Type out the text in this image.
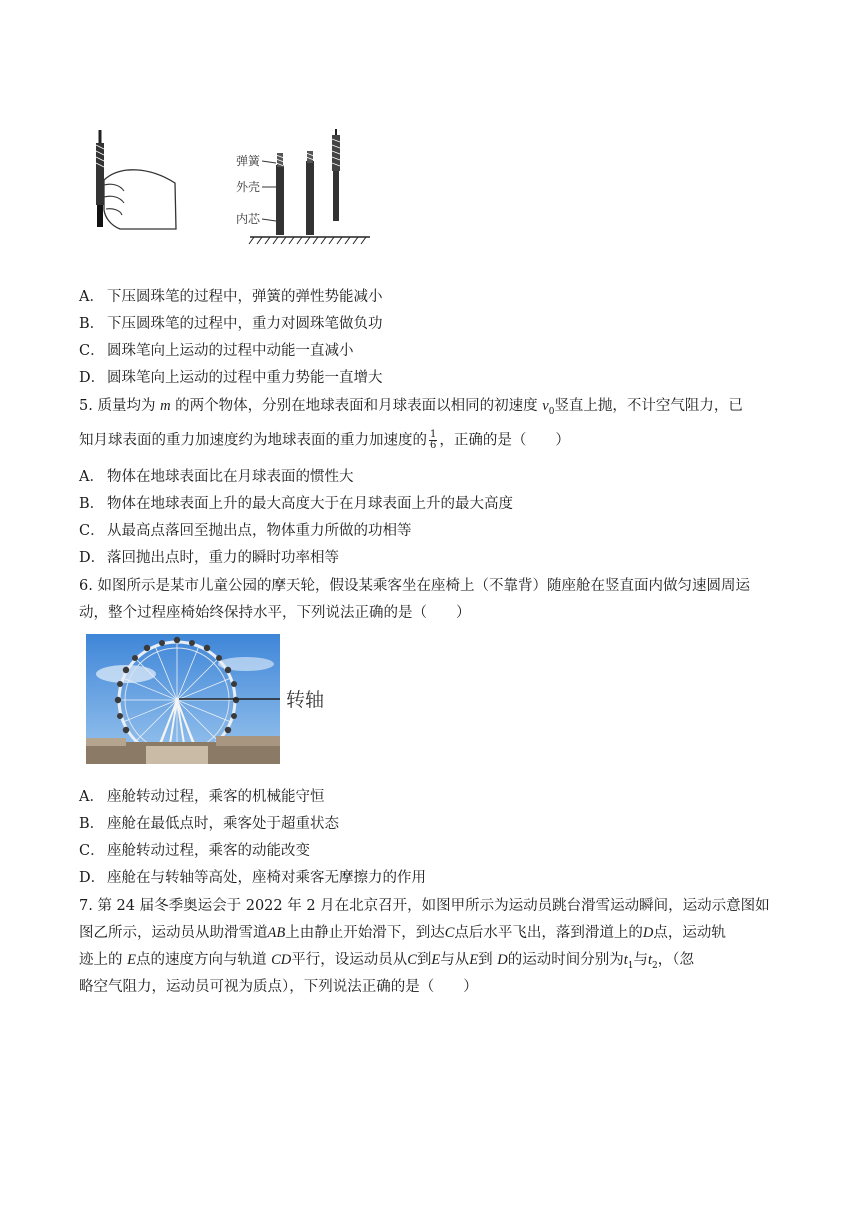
弹簧
外壳
内芯
A． 下压圆珠笔的过程中，弹簧的弹性势能减小
B． 下压圆珠笔的过程中，重力对圆珠笔做负功
C． 圆珠笔向上运动的过程中动能一直减小
D． 圆珠笔向上运动的过程中重力势能一直增大
5. 质量均为 m 的两个物体，分别在地球表面和月球表面以相同的初速度 $v_0$竖直上抛，不计空气阻力，已
知月球表面的重力加速度约为地球表面的重力加速度的 $\frac{1}{6}$ ，正确的是（　　）
A． 物体在地球表面比在月球表面的惯性大
B． 物体在地球表面上升的最大高度大于在月球表面上升的最大高度
C． 从最高点落回至抛出点，物体重力所做的功相等
D． 落回抛出点时，重力的瞬时功率相等
6. 如图所示是某市儿童公园的摩天轮，假设某乘客坐在座椅上（不靠背）随座舱在竖直面内做匀速圆周运
动，整个过程座椅始终保持水平，下列说法正确的是（　　）
转轴
A． 座舱转动过程，乘客的机械能守恒
B． 座舱在最低点时，乘客处于超重状态
C． 座舱转动过程，乘客的动能改变
D． 座舱在与转轴等高处，座椅对乘客无摩擦力的作用
7. 第 24 届冬季奥运会于 2022 年 2 月在北京召开，如图甲所示为运动员跳台滑雪运动瞬间，运动示意图如
图乙所示，运动员从助滑雪道AB上由静止开始滑下，到达C点后水平飞出，落到滑道上的D点，运动轨
迹上的 E点的速度方向与轨道 CD平行，设运动员从C到E与从E到 D的运动时间分别为$t_1$与$t_2$，（忽
略空气阻力，运动员可视为质点），下列说法正确的是（　　）
